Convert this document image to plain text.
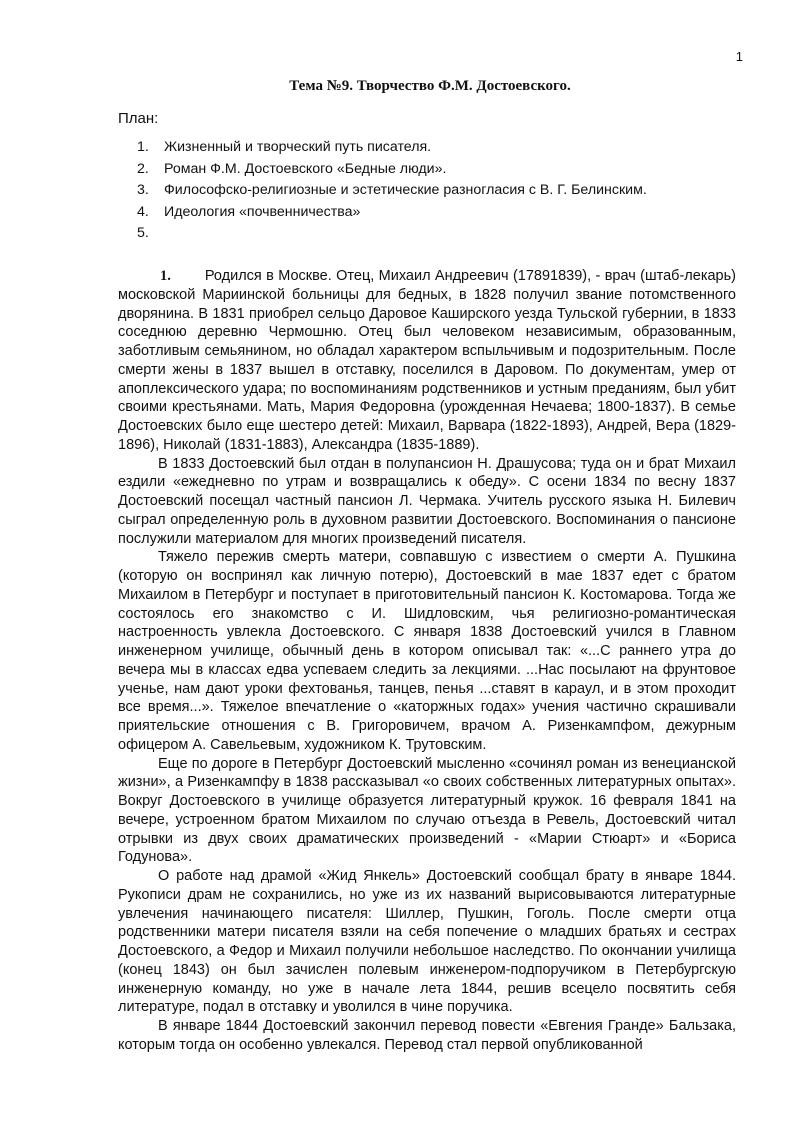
1
Тема №9. Творчество Ф.М. Достоевского.
План:
1. Жизненный и творческий путь писателя.
2. Роман Ф.М. Достоевского «Бедные люди».
3. Философско-религиозные и эстетические разногласия с В. Г. Белинским.
4. Идеология «почвенничества»
5.

1. Родился в Москве. Отец, Михаил Андреевич (17891839), - врач (штаб-лекарь) московской Мариинской больницы для бедных, в 1828 получил звание потомственного дворянина. В 1831 приобрел сельцо Даровое Каширского уезда Тульской губернии, в 1833 соседнюю деревню Чермошню. Отец был человеком независимым, образованным, заботливым семьянином, но обладал характером вспыльчивым и подозрительным. После смерти жены в 1837 вышел в отставку, поселился в Даровом. По документам, умер от апоплексического удара; по воспоминаниям родственников и устным преданиям, был убит своими крестьянами. Мать, Мария Федоровна (урожденная Нечаева; 1800-1837). В семье Достоевских было еще шестеро детей: Михаил, Варвара (1822-1893), Андрей, Вера (1829-1896), Николай (1831-1883), Александра (1835-1889).

В 1833 Достоевский был отдан в полупансион Н. Драшусова; туда он и брат Михаил ездили «ежедневно по утрам и возвращались к обеду». С осени 1834 по весну 1837 Достоевский посещал частный пансион Л. Чермака. Учитель русского языка Н. Билевич сыграл определенную роль в духовном развитии Достоевского. Воспоминания о пансионе послужили материалом для многих произведений писателя.

Тяжело пережив смерть матери, совпавшую с известием о смерти А. Пушкина (которую он воспринял как личную потерю), Достоевский в мае 1837 едет с братом Михаилом в Петербург и поступает в приготовительный пансион К. Костомарова. Тогда же состоялось его знакомство с И. Шидловским, чья религиозно-романтическая настроенность увлекла Достоевского. С января 1838 Достоевский учился в Главном инженерном училище, обычный день в котором описывал так: «...С раннего утра до вечера мы в классах едва успеваем следить за лекциями. ...Нас посылают на фрунтовое ученье, нам дают уроки фехтованья, танцев, пенья ...ставят в караул, и в этом проходит все время...». Тяжелое впечатление о «каторжных годах» учения частично скрашивали приятельские отношения с В. Григоровичем, врачом А. Ризенкампфом, дежурным офицером А. Савельевым, художником К. Трутовским.

Еще по дороге в Петербург Достоевский мысленно «сочинял роман из венецианской жизни», а Ризенкампфу в 1838 рассказывал «о своих собственных литературных опытах». Вокруг Достоевского в училище образуется литературный кружок. 16 февраля 1841 на вечере, устроенном братом Михаилом по случаю отъезда в Ревель, Достоевский читал отрывки из двух своих драматических произведений - «Марии Стюарт» и «Бориса Годунова».

О работе над драмой «Жид Янкель» Достоевский сообщал брату в январе 1844. Рукописи драм не сохранились, но уже из их названий вырисовываются литературные увлечения начинающего писателя: Шиллер, Пушкин, Гоголь. После смерти отца родственники матери писателя взяли на себя попечение о младших братьях и сестрах Достоевского, а Федор и Михаил получили небольшое наследство. По окончании училища (конец 1843) он был зачислен полевым инженером-подпоручиком в Петербургскую инженерную команду, но уже в начале лета 1844, решив всецело посвятить себя литературе, подал в отставку и уволился в чине поручика.

В январе 1844 Достоевский закончил перевод повести «Евгения Гранде» Бальзака, которым тогда он особенно увлекался. Перевод стал первой опубликованной
